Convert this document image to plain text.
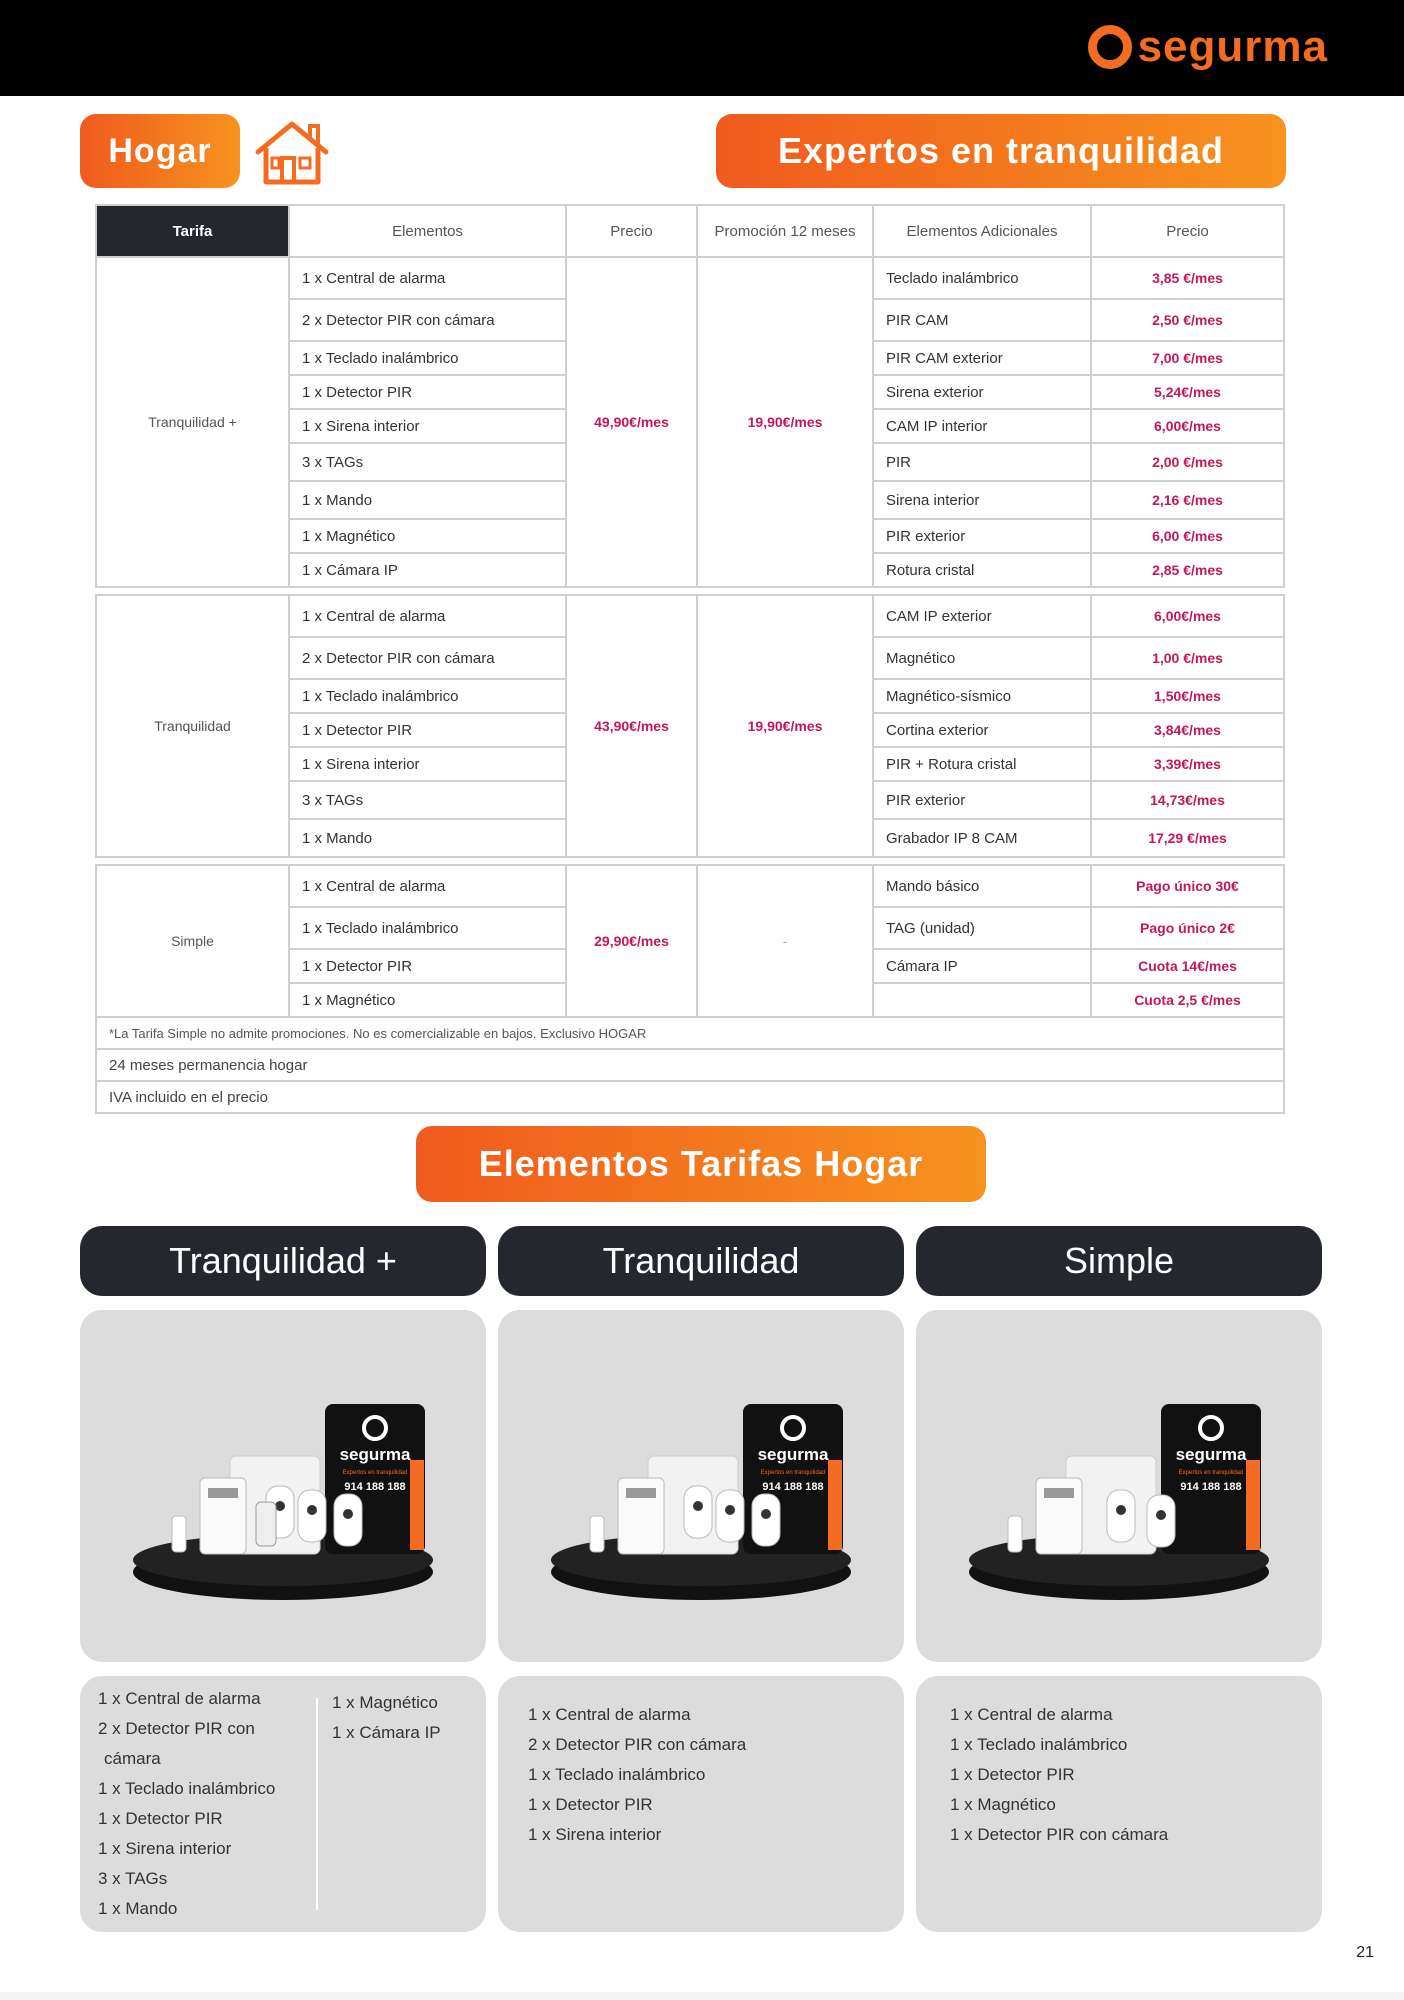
segurma
Hogar	Expertos en tranquilidad
Tarifa	Elementos	Precio	Promoción 12 meses	Elementos Adicionales	Precio
Tranquilidad +	1 x Central de alarma	49,90€/mes	19,90€/mes	Teclado inalámbrico	3,85 €/mes
	2 x Detector PIR con cámara			PIR CAM	2,50 €/mes
	1 x Teclado inalámbrico			PIR CAM exterior	7,00 €/mes
	1 x Detector PIR			Sirena exterior	5,24€/mes
	1 x Sirena interior			CAM IP interior	6,00€/mes
	3 x TAGs			PIR	2,00 €/mes
	1 x Mando			Sirena interior	2,16 €/mes
	1 x Magnético			PIR exterior	6,00 €/mes
	1 x Cámara IP			Rotura cristal	2,85 €/mes

Tranquilidad	1 x Central de alarma	43,90€/mes	19,90€/mes	CAM IP exterior	6,00€/mes
	2 x Detector PIR con cámara			Magnético	1,00 €/mes
	1 x Teclado inalámbrico			Magnético-sísmico	1,50€/mes
	1 x Detector PIR			Cortina exterior	3,84€/mes
	1 x Sirena interior			PIR + Rotura cristal	3,39€/mes
	3 x TAGs			PIR exterior	14,73€/mes
	1 x Mando			Grabador IP 8 CAM	17,29 €/mes

Simple	1 x Central de alarma	29,90€/mes	-	Mando básico	Pago único 30€
	1 x Teclado inalámbrico			TAG (unidad)	Pago único 2€
	1 x Detector PIR			Cámara IP	Cuota 14€/mes
	1 x Magnético				Cuota 2,5 €/mes
*La Tarifa Simple no admite promociones. No es comercializable en bajos. Exclusivo HOGAR					
24 meses permanencia hogar					
IVA incluido en el precio					
Elementos Tarifas Hogar
Tranquilidad +	Tranquilidad	Simple
segurma
Expertos en tranquilidad
914 188 188
segurma
Expertos en tranquilidad
914 188 188
segurma
Expertos en tranquilidad
914 188 188
1 x Central de alarma
2 x Detector PIR con
cámara
1 x Teclado inalámbrico
1 x Detector PIR
1 x Sirena interior
3 x TAGs
1 x Mando
1 x Magnético
1 x Cámara IP
1 x Central de alarma
2 x Detector PIR con cámara
1 x Teclado inalámbrico
1 x Detector PIR
1 x Sirena interior
1 x Central de alarma
1 x Teclado inalámbrico
1 x Detector PIR
1 x Magnético
1 x Detector PIR con cámara
21
